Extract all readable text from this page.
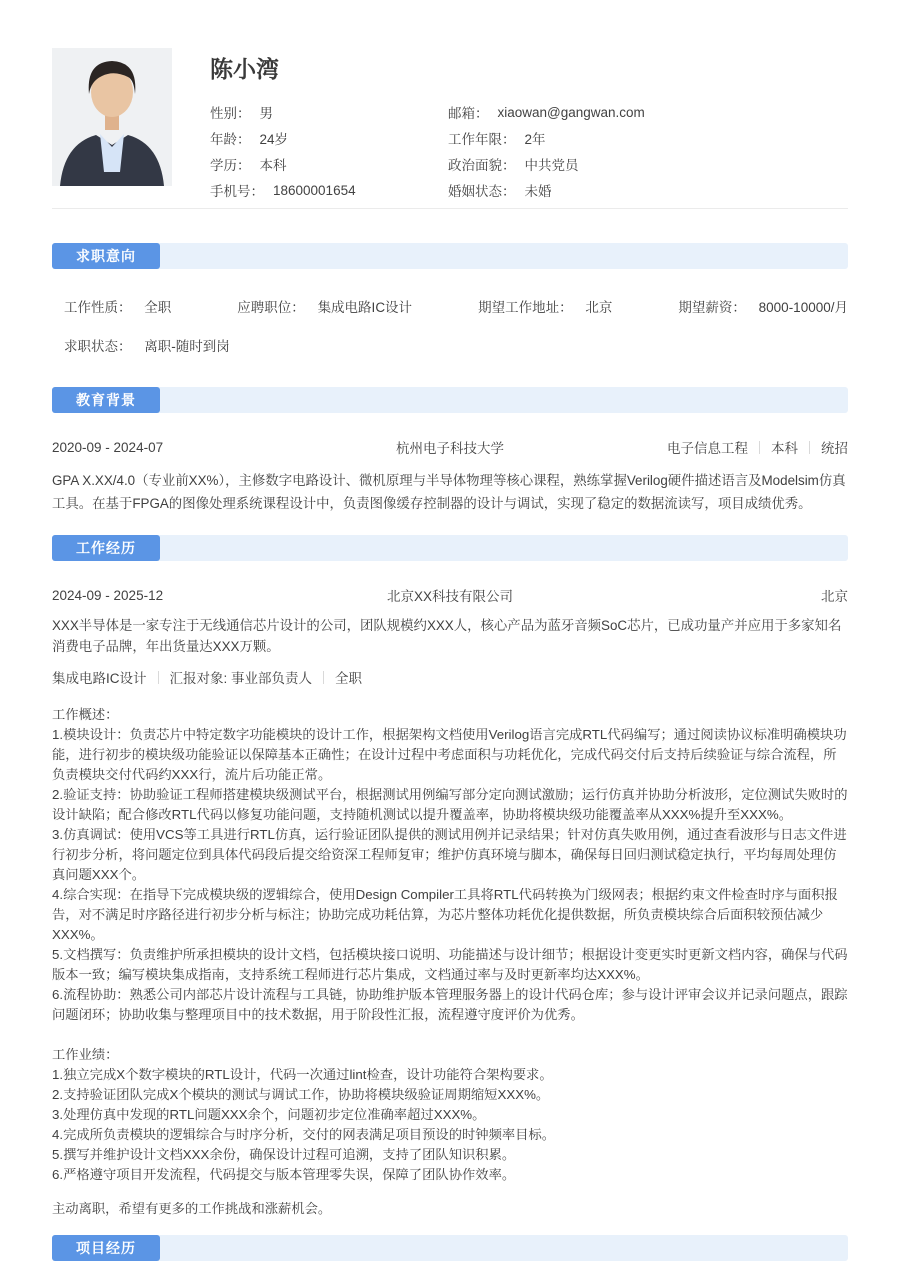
陈小湾
性别： 男
年龄： 24岁
学历： 本科
手机号： 18600001654
邮箱： xiaowan@gangwan.com
工作年限： 2年
政治面貌： 中共党员
婚姻状态： 未婚
求职意向
工作性质： 全职	应聘职位： 集成电路IC设计	期望工作地址： 北京	期望薪资： 8000-10000/月
求职状态： 离职-随时到岗
教育背景
2020-09 - 2024-07	杭州电子科技大学	电子信息工程 本科 统招
GPA X.XX/4.0（专业前XX%），主修数字电路设计、微机原理与半导体物理等核心课程，熟练掌握Verilog硬件描述语言及Modelsim仿真工具。在基于FPGA的图像处理系统课程设计中，负责图像缓存控制器的设计与调试，实现了稳定的数据流读写，项目成绩优秀。
工作经历
2024-09 - 2025-12	北京XX科技有限公司	北京
XXX半导体是一家专注于无线通信芯片设计的公司，团队规模约XXX人，核心产品为蓝牙音频SoC芯片，已成功量产并应用于多家知名消费电子品牌，年出货量达XXX万颗。
集成电路IC设计 汇报对象: 事业部负责人 全职

工作概述：

1.模块设计：负责芯片中特定数字功能模块的设计工作，根据架构文档使用Verilog语言完成RTL代码编写；通过阅读协议标准明确模块功能，进行初步的模块级功能验证以保障基本正确性；在设计过程中考虑面积与功耗优化，完成代码交付后支持后续验证与综合流程，所负责模块交付代码约XXX行，流片后功能正常。

2.验证支持：协助验证工程师搭建模块级测试平台，根据测试用例编写部分定向测试激励；运行仿真并协助分析波形，定位测试失败时的设计缺陷；配合修改RTL代码以修复功能问题，支持随机测试以提升覆盖率，协助将模块级功能覆盖率从XXX%提升至XXX%。

3.仿真调试：使用VCS等工具进行RTL仿真，运行验证团队提供的测试用例并记录结果；针对仿真失败用例，通过查看波形与日志文件进行初步分析，将问题定位到具体代码段后提交给资深工程师复审；维护仿真环境与脚本，确保每日回归测试稳定执行，平均每周处理仿真问题XXX个。

4.综合实现：在指导下完成模块级的逻辑综合，使用Design Compiler工具将RTL代码转换为门级网表；根据约束文件检查时序与面积报告，对不满足时序路径进行初步分析与标注；协助完成功耗估算，为芯片整体功耗优化提供数据，所负责模块综合后面积较预估减少XXX%。

5.文档撰写：负责维护所承担模块的设计文档，包括模块接口说明、功能描述与设计细节；根据设计变更实时更新文档内容，确保与代码版本一致；编写模块集成指南，支持系统工程师进行芯片集成，文档通过率与及时更新率均达XXX%。

6.流程协助：熟悉公司内部芯片设计流程与工具链，协助维护版本管理服务器上的设计代码仓库；参与设计评审会议并记录问题点，跟踪问题闭环；协助收集与整理项目中的技术数据，用于阶段性汇报，流程遵守度评价为优秀。

工作业绩：

1.独立完成X个数字模块的RTL设计，代码一次通过lint检查，设计功能符合架构要求。

2.支持验证团队完成X个模块的测试与调试工作，协助将模块级验证周期缩短XXX%。

3.处理仿真中发现的RTL问题XXX余个，问题初步定位准确率超过XXX%。

4.完成所负责模块的逻辑综合与时序分析，交付的网表满足项目预设的时钟频率目标。

5.撰写并维护设计文档XXX余份，确保设计过程可追溯，支持了团队知识积累。

6.严格遵守项目开发流程，代码提交与版本管理零失误，保障了团队协作效率。

主动离职，希望有更多的工作挑战和涨薪机会。
项目经历
